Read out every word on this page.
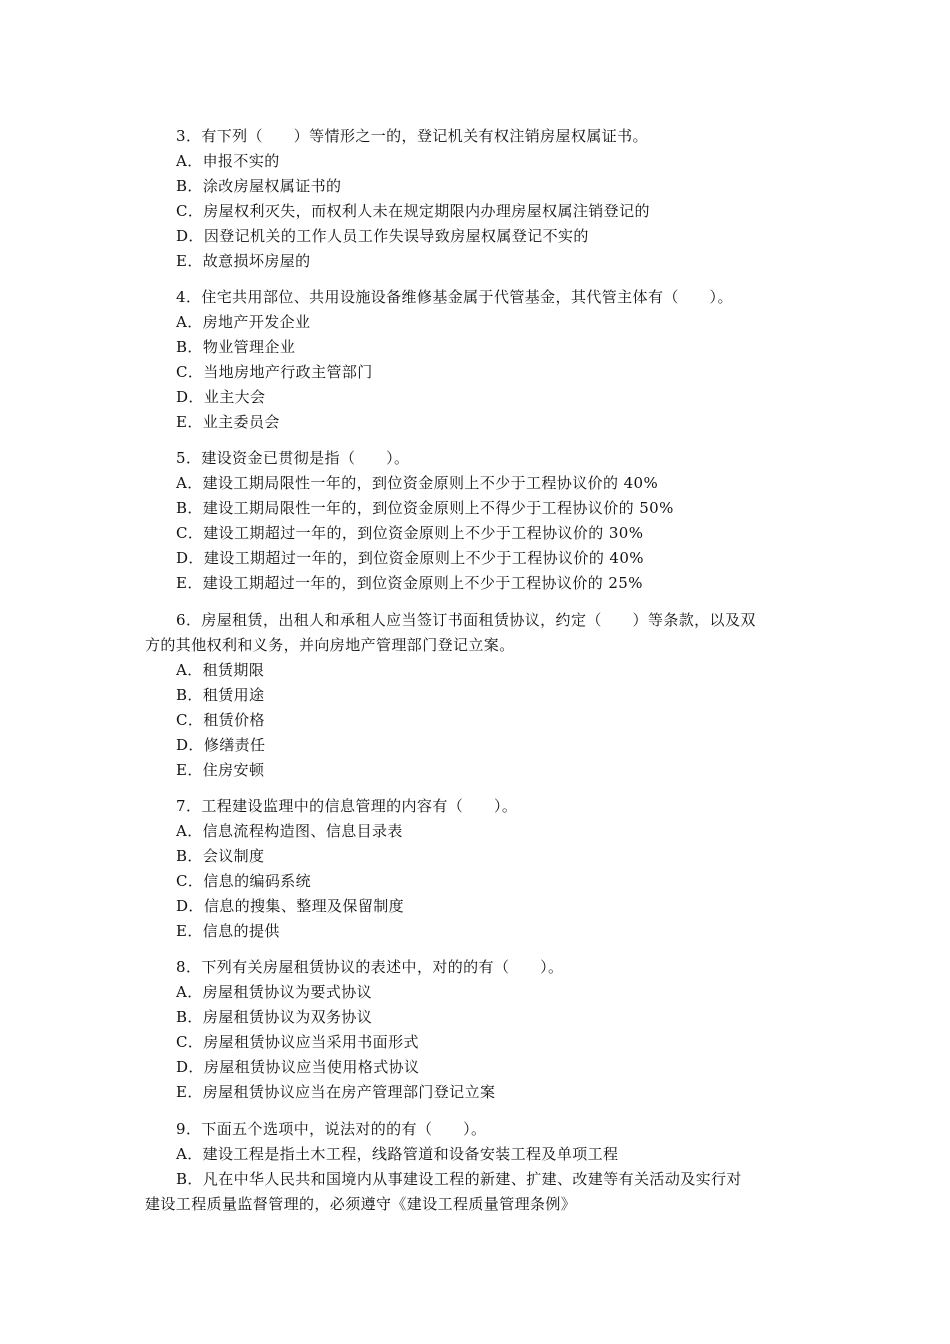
3．有下列（　　）等情形之一的，登记机关有权注销房屋权属证书。
A．申报不实的
B．涂改房屋权属证书的
C．房屋权利灭失，而权利人未在规定期限内办理房屋权属注销登记的
D．因登记机关的工作人员工作失误导致房屋权属登记不实的
E．故意损坏房屋的
4．住宅共用部位、共用设施设备维修基金属于代管基金，其代管主体有（　　）。
A．房地产开发企业
B．物业管理企业
C．当地房地产行政主管部门
D．业主大会
E．业主委员会
5．建设资金已贯彻是指（　　）。
A．建设工期局限性一年的，到位资金原则上不少于工程协议价的 40%
B．建设工期局限性一年的，到位资金原则上不得少于工程协议价的 50%
C．建设工期超过一年的，到位资金原则上不少于工程协议价的 30%
D．建设工期超过一年的，到位资金原则上不少于工程协议价的 40%
E．建设工期超过一年的，到位资金原则上不少于工程协议价的 25%
6．房屋租赁，出租人和承租人应当签订书面租赁协议，约定（　　）等条款，以及双
方的其他权利和义务，并向房地产管理部门登记立案。
A．租赁期限
B．租赁用途
C．租赁价格
D．修缮责任
E．住房安顿
7．工程建设监理中的信息管理的内容有（　　）。
A．信息流程构造图、信息目录表
B．会议制度
C．信息的编码系统
D．信息的搜集、整理及保留制度
E．信息的提供
8．下列有关房屋租赁协议的表述中，对的的有（　　）。
A．房屋租赁协议为要式协议
B．房屋租赁协议为双务协议
C．房屋租赁协议应当采用书面形式
D．房屋租赁协议应当使用格式协议
E．房屋租赁协议应当在房产管理部门登记立案
9．下面五个选项中，说法对的的有（　　）。
A．建设工程是指土木工程，线路管道和设备安装工程及单项工程
B．凡在中华人民共和国境内从事建设工程的新建、扩建、改建等有关活动及实行对
建设工程质量监督管理的，必须遵守《建设工程质量管理条例》
